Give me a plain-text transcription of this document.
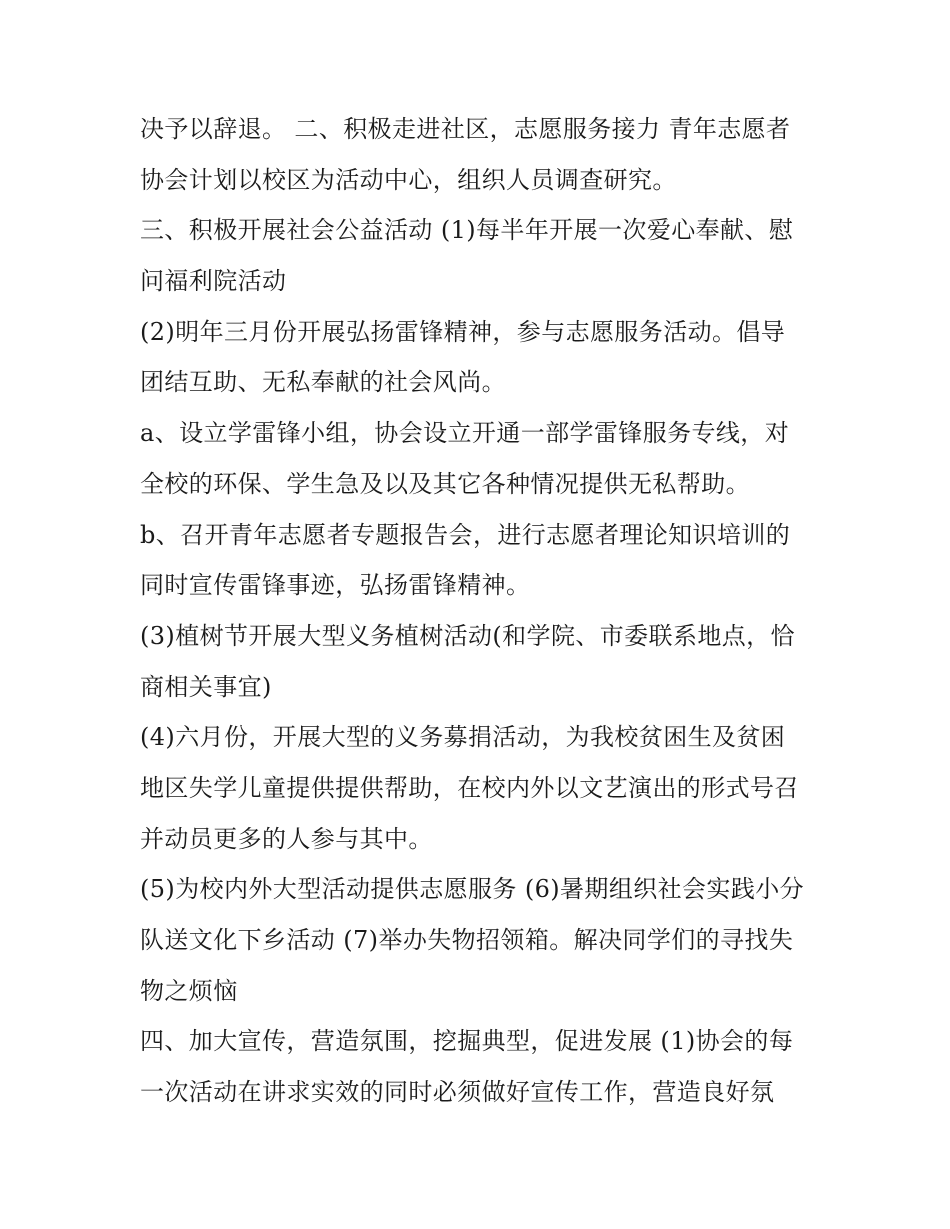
决予以辞退。 二、积极走进社区，志愿服务接力 青年志愿者
协会计划以校区为活动中心，组织人员调查研究。
三、积极开展社会公益活动 (1)每半年开展一次爱心奉献、慰
问福利院活动
(2)明年三月份开展弘扬雷锋精神，参与志愿服务活动。倡导
团结互助、无私奉献的社会风尚。
a、设立学雷锋小组，协会设立开通一部学雷锋服务专线，对
全校的环保、学生急及以及其它各种情况提供无私帮助。
b、召开青年志愿者专题报告会，进行志愿者理论知识培训的
同时宣传雷锋事迹，弘扬雷锋精神。
(3)植树节开展大型义务植树活动(和学院、市委联系地点，恰
商相关事宜)
(4)六月份，开展大型的义务募捐活动，为我校贫困生及贫困
地区失学儿童提供提供帮助，在校内外以文艺演出的形式号召
并动员更多的人参与其中。
(5)为校内外大型活动提供志愿服务 (6)暑期组织社会实践小分
队送文化下乡活动 (7)举办失物招领箱。解决同学们的寻找失
物之烦恼
四、加大宣传，营造氛围，挖掘典型，促进发展 (1)协会的每
一次活动在讲求实效的同时必须做好宣传工作，营造良好氛
